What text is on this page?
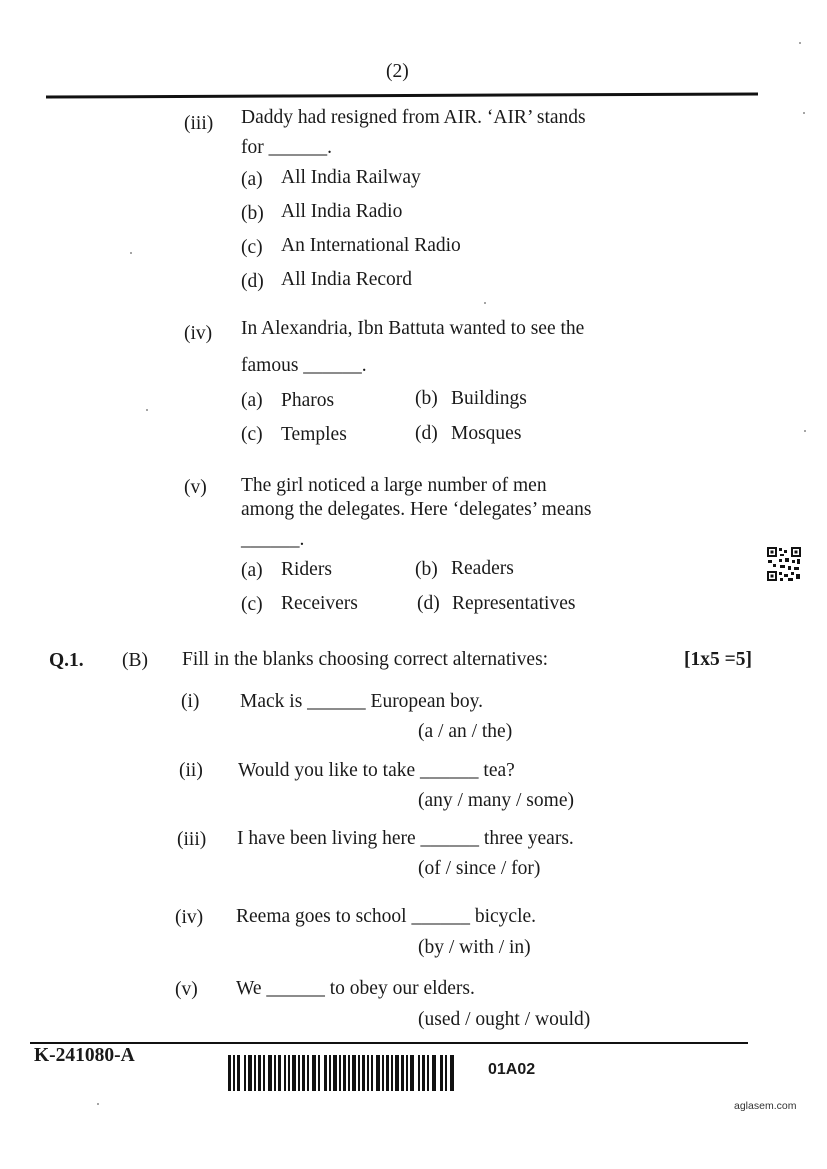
(2)
(iii) Daddy had resigned from AIR. ‘AIR’ stands
for ______.
(a) All India Railway
(b) All India Radio
(c) An International Radio
(d) All India Record
(iv) In Alexandria, Ibn Battuta wanted to see the
famous ______.
(a) Pharos	(b) Buildings
(c) Temples	(d) Mosques
(v) The girl noticed a large number of men
among the delegates. Here ‘delegates’ means
______.
(a) Riders	(b) Readers
(c) Receivers	(d) Representatives
Q.1. (B) Fill in the blanks choosing correct alternatives:	[1x5 =5]
(i) Mack is ______ European boy.
(a / an / the)
(ii) Would you like to take ______ tea?
(any / many / some)
(iii) I have been living here ______ three years.
(of / since / for)
(iv) Reema goes to school ______ bicycle.
(by / with / in)
(v) We ______ to obey our elders.
(used / ought / would)
K-241080-A
01A02
aglasem.com
